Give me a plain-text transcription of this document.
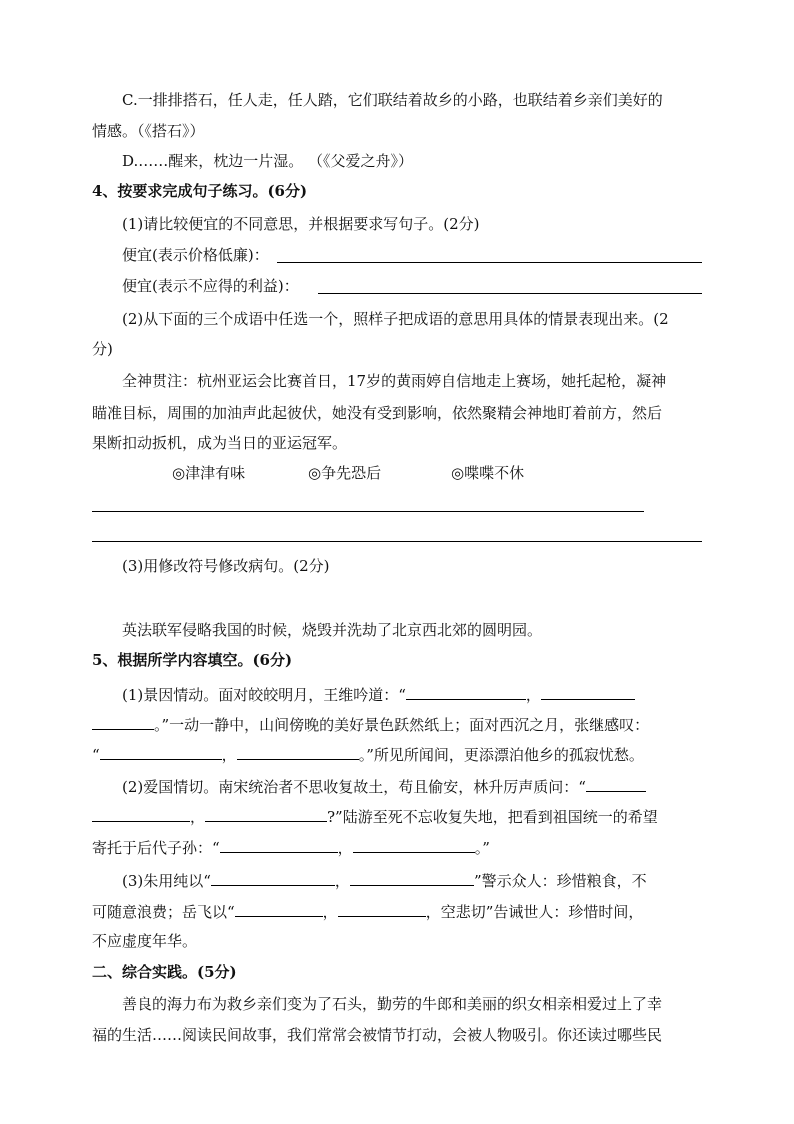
C.一排排搭石，任人走，任人踏，它们联结着故乡的小路，也联结着乡亲们美好的
情感。（《搭石》）
D.……醒来，枕边一片湿。 （《父爱之舟》）
4、按要求完成句子练习。(6分)
(1)请比较便宜的不同意思，并根据要求写句子。(2分)
便宜(表示价格低廉)：
便宜(表示不应得的利益)：
(2)从下面的三个成语中任选一个，照样子把成语的意思用具体的情景表现出来。(2
分)
全神贯注：杭州亚运会比赛首日，17岁的黄雨婷自信地走上赛场，她托起枪，凝神
瞄准目标，周围的加油声此起彼伏，她没有受到影响，依然聚精会神地盯着前方，然后
果断扣动扳机，成为当日的亚运冠军。
◎津津有味	◎争先恐后	◎喋喋不休
(3)用修改符号修改病句。(2分)
英法联军侵略我国的时候，烧毁并洗劫了北京西北郊的圆明园。
5、根据所学内容填空。(6分)
(1)景因情动。面对皎皎明月，王维吟道：“	，
。”一动一静中，山间傍晚的美好景色跃然纸上；面对西沉之月，张继感叹：
“	，	。”所见所闻间，更添漂泊他乡的孤寂忧愁。
(2)爱国情切。南宋统治者不思收复故土，苟且偷安，林升厉声质问：“
，	?”陆游至死不忘收复失地，把看到祖国统一的希望
寄托于后代子孙：“	，	。”
(3)朱用纯以“	，	”警示众人：珍惜粮食，不
可随意浪费；岳飞以“	，	，空悲切”告诫世人：珍惜时间，
不应虚度年华。
二、综合实践。(5分)
善良的海力布为救乡亲们变为了石头，勤劳的牛郎和美丽的织女相亲相爱过上了幸
福的生活……阅读民间故事，我们常常会被情节打动，会被人物吸引。你还读过哪些民
